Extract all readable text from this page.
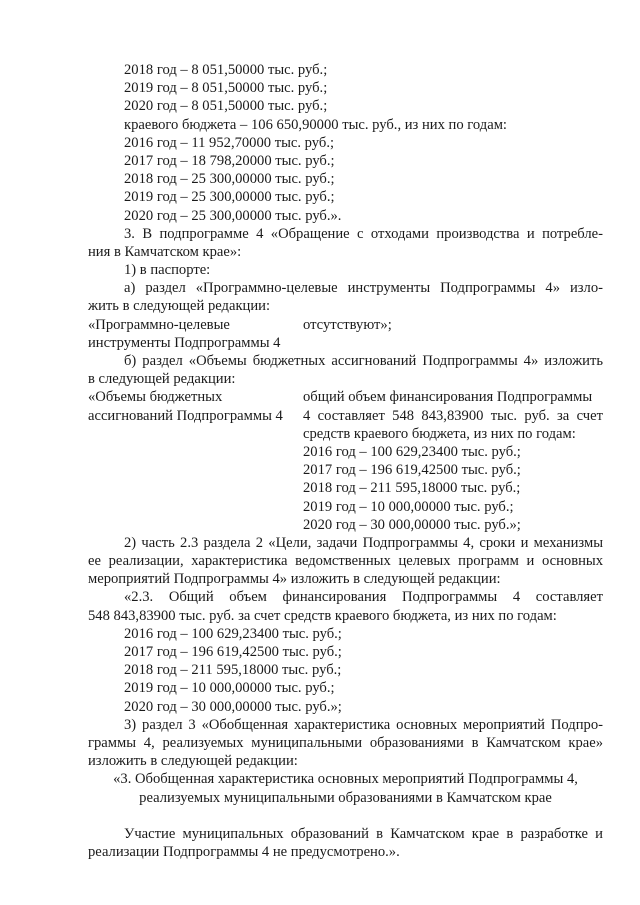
2018 год – 8 051,50000 тыс. руб.;
2019 год – 8 051,50000 тыс. руб.;
2020 год – 8 051,50000 тыс. руб.;
краевого бюджета – 106 650,90000 тыс. руб., из них по годам:
2016 год – 11 952,70000 тыс. руб.;
2017 год – 18 798,20000 тыс. руб.;
2018 год – 25 300,00000 тыс. руб.;
2019 год – 25 300,00000 тыс. руб.;
2020 год – 25 300,00000 тыс. руб.».
3. В подпрограмме 4 «Обращение с отходами производства и потребле-
ния в Камчатском крае»:
1) в паспорте:
а) раздел «Программно-целевые инструменты Подпрограммы 4» изло-
жить в следующей редакции:
«Программно-целевые	отсутствуют»;
инструменты Подпрограммы 4
б) раздел «Объемы бюджетных ассигнований Подпрограммы 4» изложить
в следующей редакции:
«Объемы бюджетных	общий объем финансирования Подпрограммы
ассигнований Подпрограммы 4	4 составляет 548 843,83900 тыс. руб. за счет
средств краевого бюджета, из них по годам:
2016 год – 100 629,23400 тыс. руб.;
2017 год – 196 619,42500 тыс. руб.;
2018 год – 211 595,18000 тыс. руб.;
2019 год – 10 000,00000 тыс. руб.;
2020 год – 30 000,00000 тыс. руб.»;
2) часть 2.3 раздела 2 «Цели, задачи Подпрограммы 4, сроки и механизмы
ее реализации, характеристика ведомственных целевых программ и основных
мероприятий Подпрограммы 4» изложить в следующей редакции:
«2.3. Общий объем финансирования Подпрограммы 4 составляет
548 843,83900 тыс. руб. за счет средств краевого бюджета, из них по годам:
2016 год – 100 629,23400 тыс. руб.;
2017 год – 196 619,42500 тыс. руб.;
2018 год – 211 595,18000 тыс. руб.;
2019 год – 10 000,00000 тыс. руб.;
2020 год – 30 000,00000 тыс. руб.»;
3) раздел 3 «Обобщенная характеристика основных мероприятий Подпро-
граммы 4, реализуемых муниципальными образованиями в Камчатском крае»
изложить в следующей редакции:
«3. Обобщенная характеристика основных мероприятий Подпрограммы 4,
реализуемых муниципальными образованиями в Камчатском крае
Участие муниципальных образований в Камчатском крае в разработке и
реализации Подпрограммы 4 не предусмотрено.».
